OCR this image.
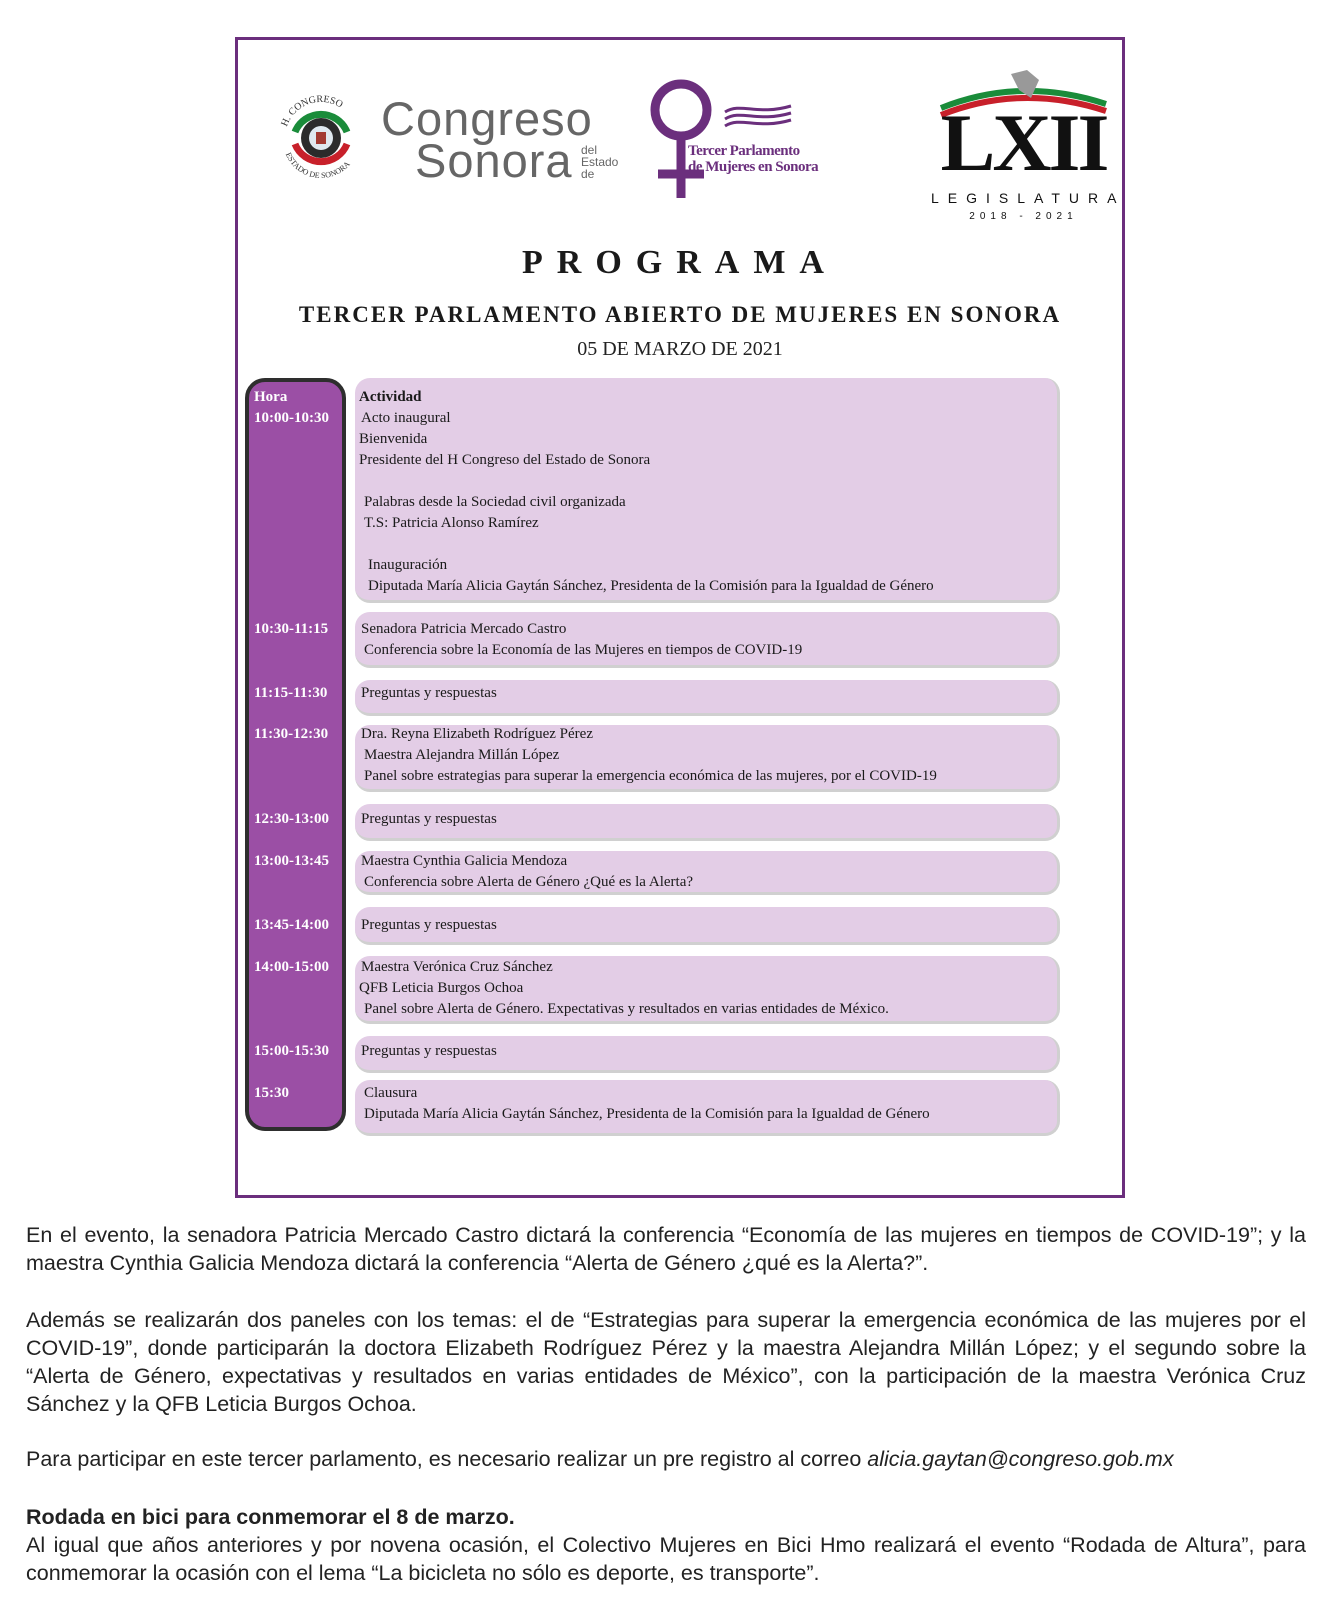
H. CONGRESO
ESTADO DE SONORA
Congreso
Sonora del Estado
de
Tercer Parlamento
de Mujeres en Sonora LXII
LEGISLATURA
2018 - 2021
PROGRAMA
TERCER PARLAMENTO ABIERTO DE MUJERES EN SONORA
05 DE MARZO DE 2021
Hora
10:00-10:30
10:30-11:15
11:15-11:30
11:30-12:30
12:30-13:00
13:00-13:45
13:45-14:00
14:00-15:00
15:00-15:30
15:30
Actividad
Acto inaugural
Bienvenida
Presidente del H Congreso del Estado de Sonora
Palabras desde la Sociedad civil organizada
T.S: Patricia Alonso Ramírez
Inauguración
Diputada María Alicia Gaytán Sánchez, Presidenta de la Comisión para la Igualdad de Género
Senadora Patricia Mercado Castro
Conferencia sobre la Economía de las Mujeres en tiempos de COVID-19
Preguntas y respuestas
Dra. Reyna Elizabeth Rodríguez Pérez
Maestra Alejandra Millán López
Panel sobre estrategias para superar la emergencia económica de las mujeres, por el COVID-19
Preguntas y respuestas
Maestra Cynthia Galicia Mendoza
Conferencia sobre Alerta de Género ¿Qué es la Alerta?
Preguntas y respuestas
Maestra Verónica Cruz Sánchez
QFB Leticia Burgos Ochoa
Panel sobre Alerta de Género. Expectativas y resultados en varias entidades de México.
Preguntas y respuestas
Clausura
Diputada María Alicia Gaytán Sánchez, Presidenta de la Comisión para la Igualdad de Género

En el evento, la senadora Patricia Mercado Castro dictará la conferencia “Economía de las mujeres en tiempos de COVID-19”; y la maestra Cynthia Galicia Mendoza dictará la conferencia “Alerta de Género ¿qué es la Alerta?”.

Además se realizarán dos paneles con los temas: el de “Estrategias para superar la emergencia económica de las mujeres por el COVID-19”, donde participarán la doctora Elizabeth Rodríguez Pérez y la maestra Alejandra Millán López; y el segundo sobre la “Alerta de Género, expectativas y resultados en varias entidades de México”, con la participación de la maestra Verónica Cruz Sánchez y la QFB Leticia Burgos Ochoa.

Para participar en este tercer parlamento, es necesario realizar un pre registro al correo alicia.gaytan@congreso.gob.mx

Rodada en bici para conmemorar el 8 de marzo.

Al igual que años anteriores y por novena ocasión, el Colectivo Mujeres en Bici Hmo realizará el evento “Rodada de Altura”, para conmemorar la ocasión con el lema “La bicicleta no sólo es deporte, es transporte”.
